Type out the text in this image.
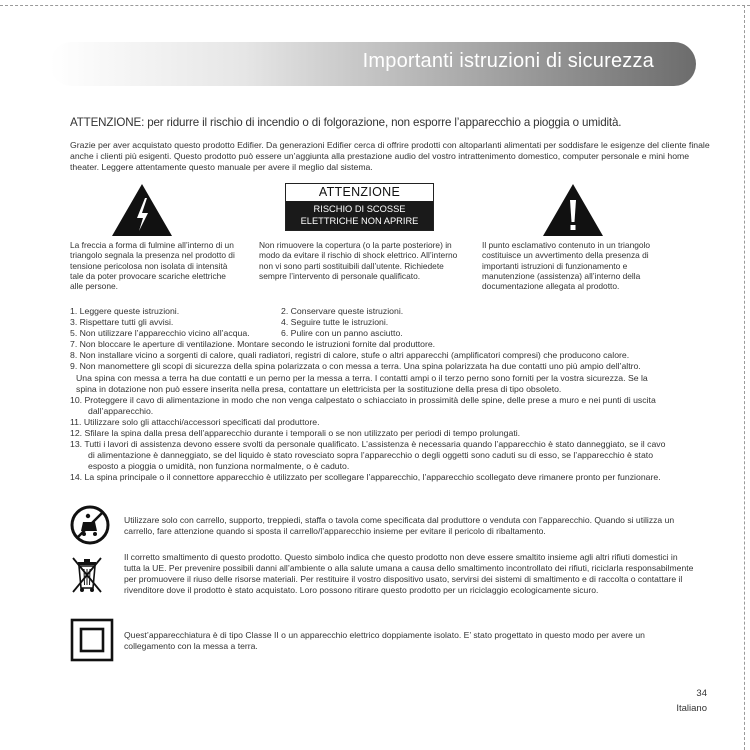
Importanti istruzioni di sicurezza
ATTENZIONE: per ridurre il rischio di incendio o di folgorazione, non esporre l’apparecchio a pioggia o umidità.
Grazie per aver acquistato questo prodotto Edifier. Da generazioni Edifier cerca di offrire prodotti con altoparlanti alimentati per soddisfare le esigenze del cliente finale anche i clienti più esigenti. Questo prodotto può essere un’aggiunta alla prestazione audio del vostro intrattenimento domestico, computer personale e mini home theater. Leggere attentamente questo manuale per avere il meglio dal sistema.
ATTENZIONE
RISCHIO DI SCOSSE
ELETTRICHE NON APRIRE
La freccia a forma di fulmine all’interno di un triangolo segnala la presenza nel prodotto di tensione pericolosa non isolata di intensità tale da poter provocare scariche elettriche alle persone.
Non rimuovere la copertura (o la parte posteriore) in modo da evitare il rischio di shock elettrico. All’interno non vi sono parti sostituibili dall’utente. Richiedete sempre l’intervento di personale qualificato.
Il punto esclamativo contenuto in un triangolo costituisce un avvertimento della presenza di importanti istruzioni di funzionamento e manutenzione (assistenza) all’interno della documentazione allegata al prodotto.
1. Leggere queste istruzioni.	2. Conservare queste istruzioni.
3. Rispettare tutti gli avvisi.	4. Seguire tutte le istruzioni.
5. Non utilizzare l’apparecchio vicino all’acqua.	6. Pulire con un panno asciutto.
7. Non bloccare le aperture di ventilazione. Montare secondo le istruzioni fornite dal produttore.
8. Non installare vicino a sorgenti di calore, quali radiatori, registri di calore, stufe o altri apparecchi (amplificatori compresi) che producono calore.
9. Non manomettere gli scopi di sicurezza della spina polarizzata o con messa a terra. Una spina polarizzata ha due contatti uno più ampio dell’altro.
Una spina con messa a terra ha due contatti e un perno per la messa a terra. I contatti ampi o il terzo perno sono forniti per la vostra sicurezza. Se la
spina in dotazione non può essere inserita nella presa, contattare un elettricista per la sostituzione della presa di tipo obsoleto.
10. Proteggere il cavo di alimentazione in modo che non venga calpestato o schiacciato in prossimità delle spine, delle prese a muro e nei punti di uscita
dall’apparecchio.
11. Utilizzare solo gli attacchi/accessori specificati dal produttore.
12. Sfilare la spina dalla presa dell’apparecchio durante i temporali o se non utilizzato per periodi di tempo prolungati.
13. Tutti i lavori di assistenza devono essere svolti da personale qualificato. L’assistenza è necessaria quando l’apparecchio è stato danneggiato, se il cavo
di alimentazione è danneggiato, se del liquido è stato rovesciato sopra l’apparecchio o degli oggetti sono caduti su di esso, se l’apparecchio è stato
esposto a pioggia o umidità, non funziona normalmente, o è caduto.
14. La spina principale o il connettore apparecchio è utilizzato per scollegare l’apparecchio, l’apparecchio scollegato deve rimanere pronto per funzionare.
Utilizzare solo con carrello, supporto, treppiedi, staffa o tavola come specificata dal produttore o venduta con l’apparecchio. Quando si utilizza un carrello, fare attenzione quando si sposta il carrello/l’apparecchio insieme per evitare il pericolo di ribaltamento.
Il corretto smaltimento di questo prodotto. Questo simbolo indica che questo prodotto non deve essere smaltito insieme agli altri rifiuti domestici in tutta la UE. Per prevenire possibili danni all’ambiente o alla salute umana a causa dello smaltimento incontrollato dei rifiuti, riciclarla responsabilmente per promuovere il riuso delle risorse materiali. Per restituire il vostro dispositivo usato, servirsi dei sistemi di smaltimento e di raccolta o contattare il rivenditore dove il prodotto è stato acquistato. Loro possono ritirare questo prodotto per un riciclaggio ecologicamente sicuro.
Quest’apparecchiatura è di tipo Classe II o un apparecchio elettrico doppiamente isolato. E’ stato progettato in questo modo per avere un collegamento con la messa a terra.
34
Italiano
